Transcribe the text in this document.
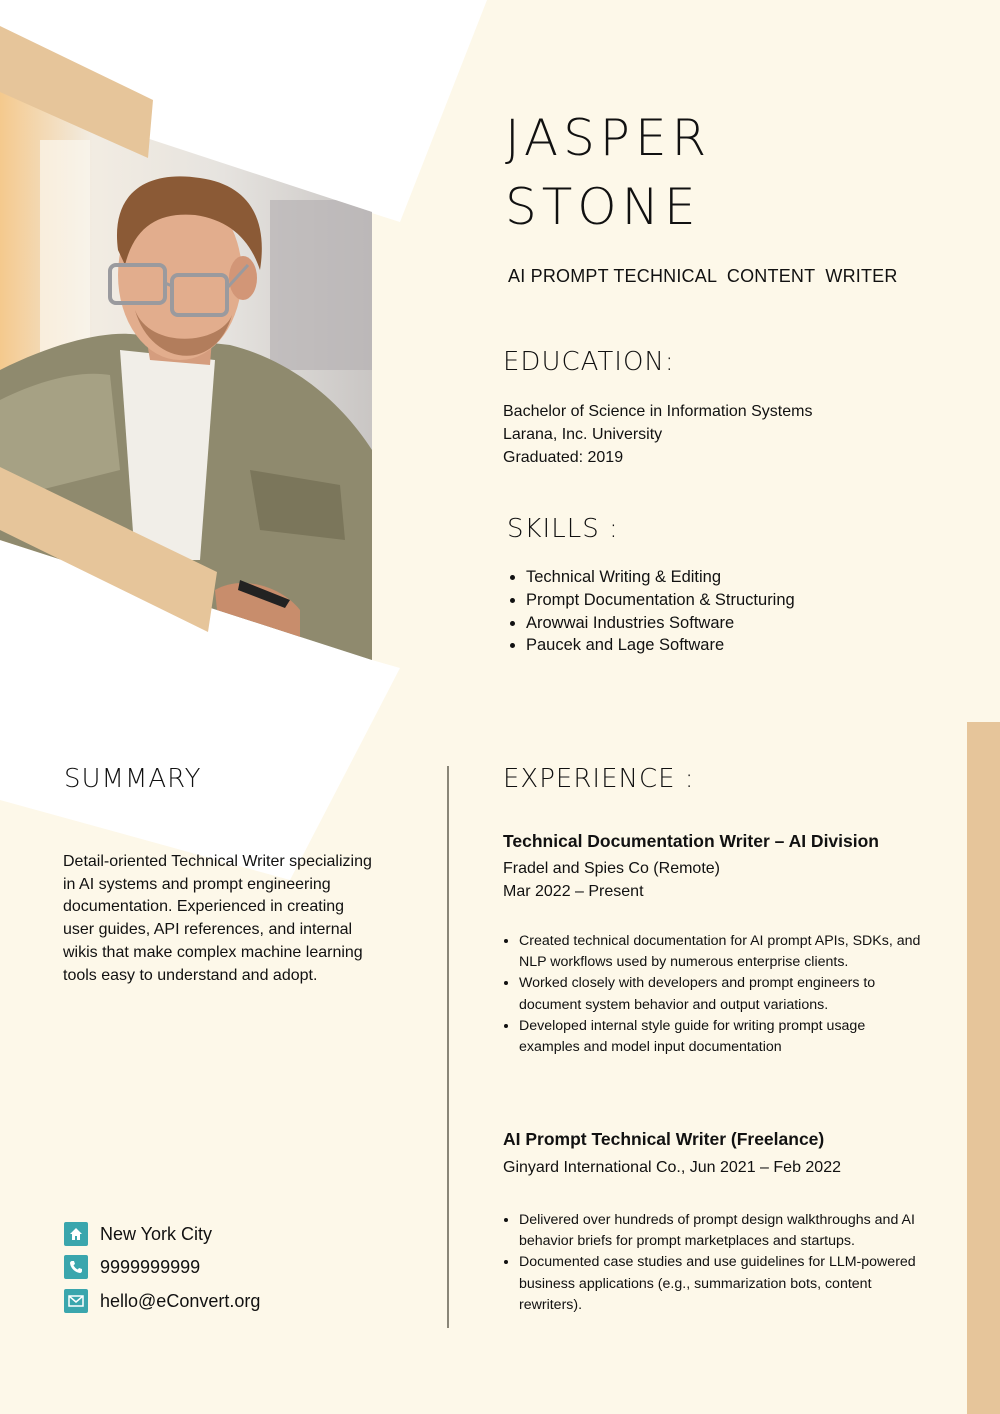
JASPER
STONE
AI PROMPT TECHNICAL  CONTENT  WRITER
EDUCATION:
Bachelor of Science in Information Systems
Larana, Inc. University
Graduated: 2019
SKILLS :
• Technical Writing & Editing
• Prompt Documentation & Structuring
• Arowwai Industries Software
• Paucek and Lage Software
SUMMARY
Detail-oriented Technical Writer specializing in AI systems and prompt engineering documentation. Experienced in creating user guides, API references, and internal wikis that make complex machine learning tools easy to understand and adopt.
New York City
9999999999
hello@eConvert.org
EXPERIENCE :
Technical Documentation Writer – AI Division
Fradel and Spies Co (Remote)
Mar 2022 – Present
• Created technical documentation for AI prompt APIs, SDKs, and NLP workflows used by numerous enterprise clients.
• Worked closely with developers and prompt engineers to document system behavior and output variations.
• Developed internal style guide for writing prompt usage examples and model input documentation
AI Prompt Technical Writer (Freelance)
Ginyard International Co., Jun 2021 – Feb 2022
• Delivered over hundreds of prompt design walkthroughs and AI behavior briefs for prompt marketplaces and startups.
• Documented case studies and use guidelines for LLM-powered business applications (e.g., summarization bots, content rewriters).
